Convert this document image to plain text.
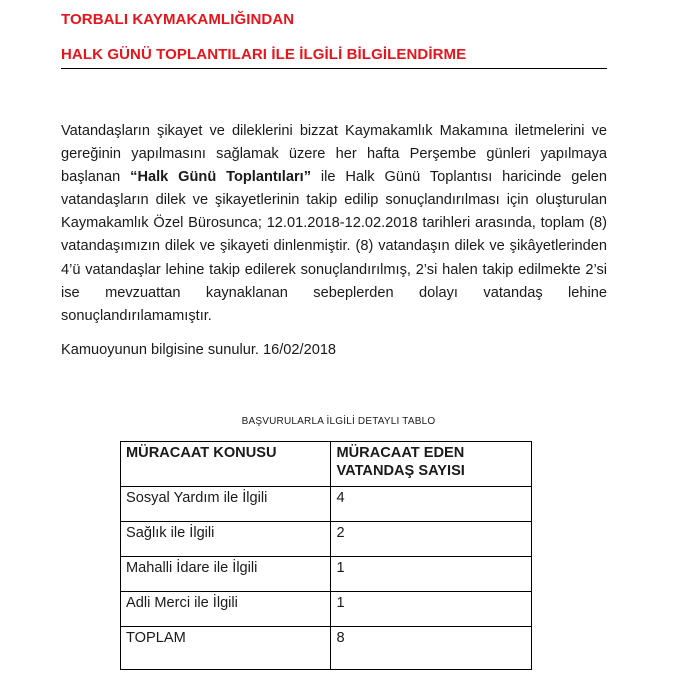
TORBALI KAYMAKAMLIĞINDAN
HALK GÜNÜ TOPLANTILARI İLE İLGİLİ BİLGİLENDİRME

Vatandaşların şikayet ve dileklerini bizzat Kaymakamlık Makamına iletmelerini ve gereğinin yapılmasını sağlamak üzere her hafta Perşembe günleri yapılmaya başlanan “Halk Günü Toplantıları” ile Halk Günü Toplantısı haricinde gelen vatandaşların dilek ve şikayetlerinin takip edilip sonuçlandırılması için oluşturulan Kaymakamlık Özel Bürosunca; 12.01.2018-12.02.2018 tarihleri arasında, toplam (8) vatandaşımızın dilek ve şikayeti dinlenmiştir. (8) vatandaşın dilek ve şikâyetlerinden 4’ü vatandaşlar lehine takip edilerek sonuçlandırılmış, 2’si halen takip edilmekte 2’si ise mevzuattan kaynaklanan sebeplerden dolayı vatandaş lehine sonuçlandırılamamıştır.

Kamuoyunun bilgisine sunulur. 16/02/2018
BAŞVURULARLA İLGİLİ DETAYLI TABLO
MÜRACAAT KONUSU	MÜRACAAT EDEN VATANDAŞ SAYISI
Sosyal Yardım ile İlgili	4
Sağlık ile İlgili	2
Mahalli İdare ile İlgili	1
Adli Merci ile İlgili	1
TOPLAM	8
